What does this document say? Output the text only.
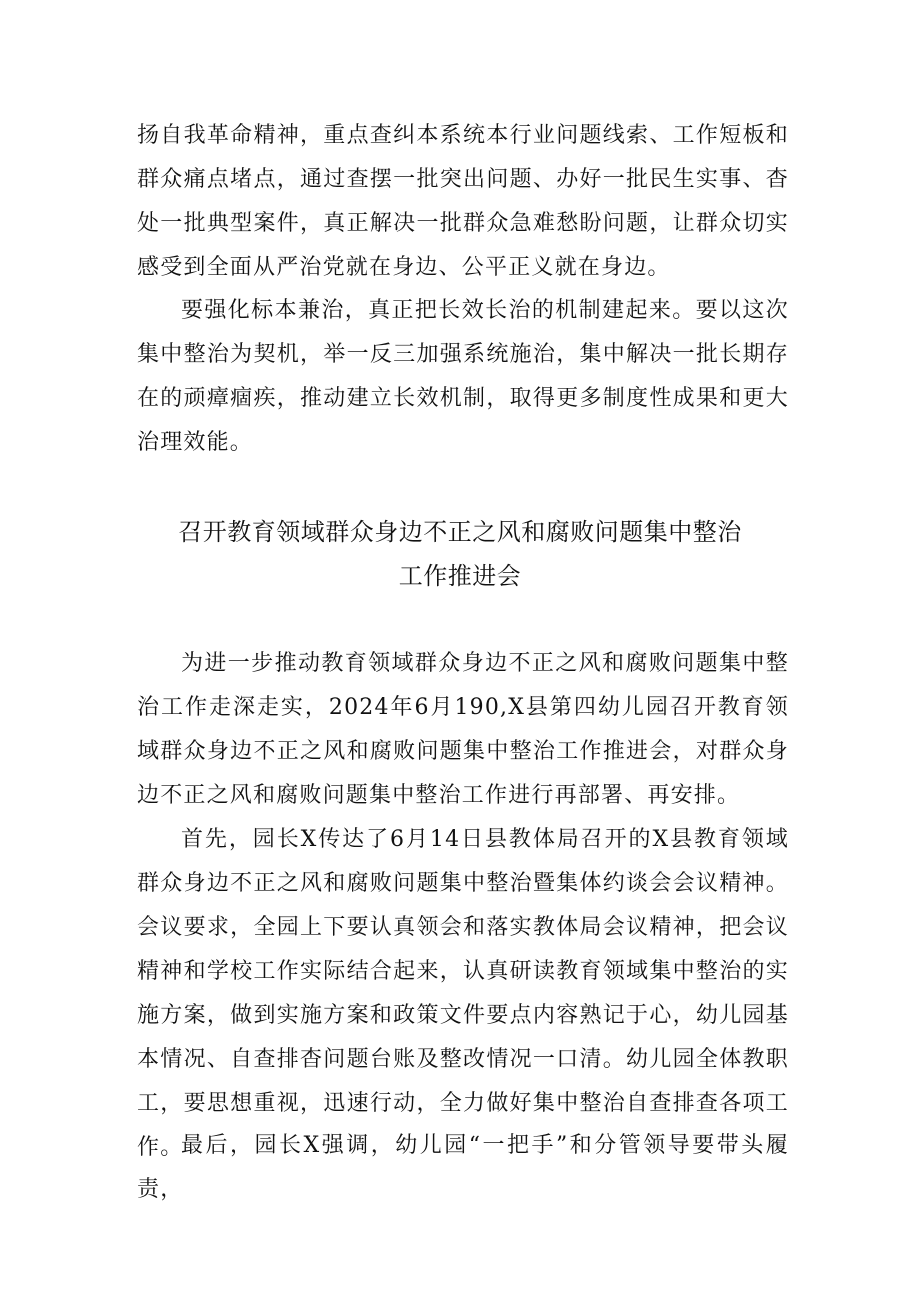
扬自我革命精神，重点查纠本系统本行业问题线索、工作短板和群众痛点堵点，通过查摆一批突出问题、办好一批民生实事、杳处一批典型案件，真正解决一批群众急难愁盼问题，让群众切实感受到全面从严治党就在身边、公平正义就在身边。

要强化标本兼治，真正把长效长治的机制建起来。要以这次集中整治为契机，举一反三加强系统施治，集中解决一批长期存在的顽瘴痼疾，推动建立长效机制，取得更多制度性成果和更大治理效能。

召开教育领域群众身边不正之风和腐败问题集中整治
工作推进会

为进一步推动教育领域群众身边不正之风和腐败问题集中整治工作走深走实，2024年6月190,X县第四幼儿园召开教育领域群众身边不正之风和腐败问题集中整治工作推进会，对群众身边不正之风和腐败问题集中整治工作进行再部署、再安排。

首先，园长X传达了6月14日县教体局召开的X县教育领域群众身边不正之风和腐败问题集中整治暨集体约谈会会议精神。会议要求，全园上下要认真领会和落实教体局会议精神，把会议精神和学校工作实际结合起来，认真研读教育领域集中整治的实施方案，做到实施方案和政策文件要点内容熟记于心，幼儿园基本情况、自查排杳问题台账及整改情况一口清。幼儿园全体教职工，要思想重视，迅速行动，全力做好集中整治自查排查各项工作。

最后，园长X强调，幼儿园“一把手”和分管领导要带头履责，
